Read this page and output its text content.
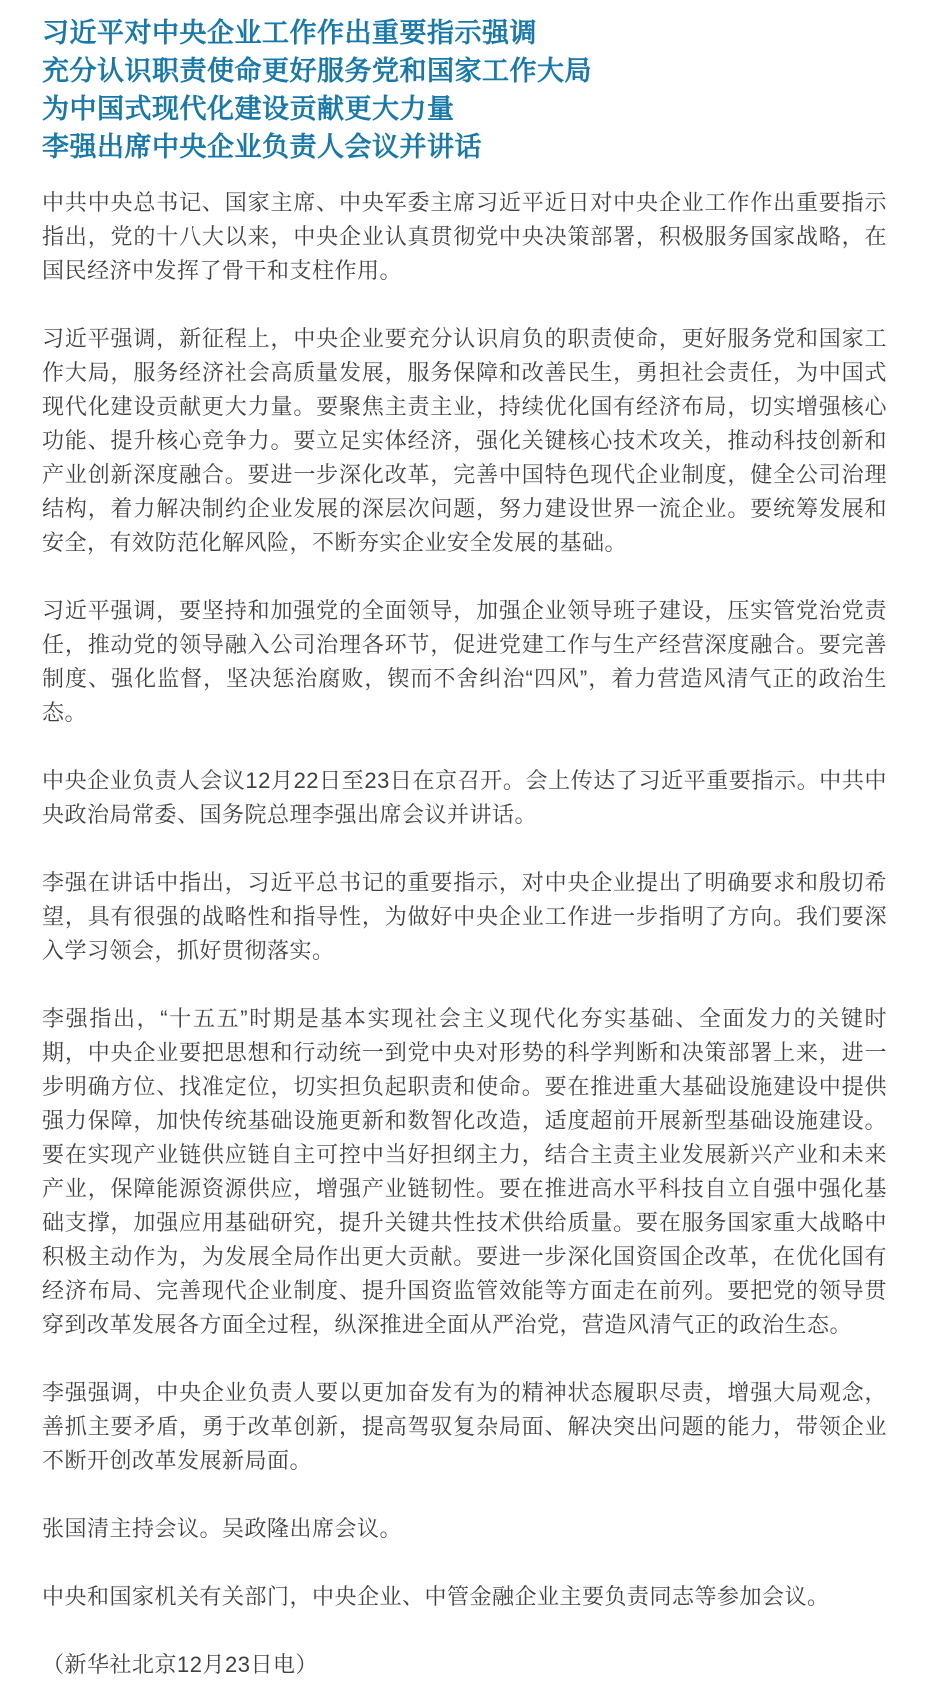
习近平对中央企业工作作出重要指示强调
充分认识职责使命更好服务党和国家工作大局
为中国式现代化建设贡献更大力量
李强出席中央企业负责人会议并讲话

中共中央总书记、国家主席、中央军委主席习近平近日对中央企业工作作出重要指示指出，党的十八大以来，中央企业认真贯彻党中央决策部署，积极服务国家战略，在国民经济中发挥了骨干和支柱作用。

习近平强调，新征程上，中央企业要充分认识肩负的职责使命，更好服务党和国家工作大局，服务经济社会高质量发展，服务保障和改善民生，勇担社会责任，为中国式现代化建设贡献更大力量。要聚焦主责主业，持续优化国有经济布局，切实增强核心功能、提升核心竞争力。要立足实体经济，强化关键核心技术攻关，推动科技创新和产业创新深度融合。要进一步深化改革，完善中国特色现代企业制度，健全公司治理结构，着力解决制约企业发展的深层次问题，努力建设世界一流企业。要统筹发展和安全，有效防范化解风险，不断夯实企业安全发展的基础。

习近平强调，要坚持和加强党的全面领导，加强企业领导班子建设，压实管党治党责任，推动党的领导融入公司治理各环节，促进党建工作与生产经营深度融合。要完善制度、强化监督，坚决惩治腐败，锲而不舍纠治“四风”，着力营造风清气正的政治生态。

中央企业负责人会议12月22日至23日在京召开。会上传达了习近平重要指示。中共中央政治局常委、国务院总理李强出席会议并讲话。

李强在讲话中指出，习近平总书记的重要指示，对中央企业提出了明确要求和殷切希望，具有很强的战略性和指导性，为做好中央企业工作进一步指明了方向。我们要深入学习领会，抓好贯彻落实。

李强指出，“十五五”时期是基本实现社会主义现代化夯实基础、全面发力的关键时期，中央企业要把思想和行动统一到党中央对形势的科学判断和决策部署上来，进一步明确方位、找准定位，切实担负起职责和使命。要在推进重大基础设施建设中提供强力保障，加快传统基础设施更新和数智化改造，适度超前开展新型基础设施建设。要在实现产业链供应链自主可控中当好担纲主力，结合主责主业发展新兴产业和未来产业，保障能源资源供应，增强产业链韧性。要在推进高水平科技自立自强中强化基础支撑，加强应用基础研究，提升关键共性技术供给质量。要在服务国家重大战略中积极主动作为，为发展全局作出更大贡献。要进一步深化国资国企改革，在优化国有经济布局、完善现代企业制度、提升国资监管效能等方面走在前列。要把党的领导贯穿到改革发展各方面全过程，纵深推进全面从严治党，营造风清气正的政治生态。

李强强调，中央企业负责人要以更加奋发有为的精神状态履职尽责，增强大局观念，善抓主要矛盾，勇于改革创新，提高驾驭复杂局面、解决突出问题的能力，带领企业不断开创改革发展新局面。

张国清主持会议。吴政隆出席会议。

中央和国家机关有关部门，中央企业、中管金融企业主要负责同志等参加会议。

（新华社北京12月23日电）
